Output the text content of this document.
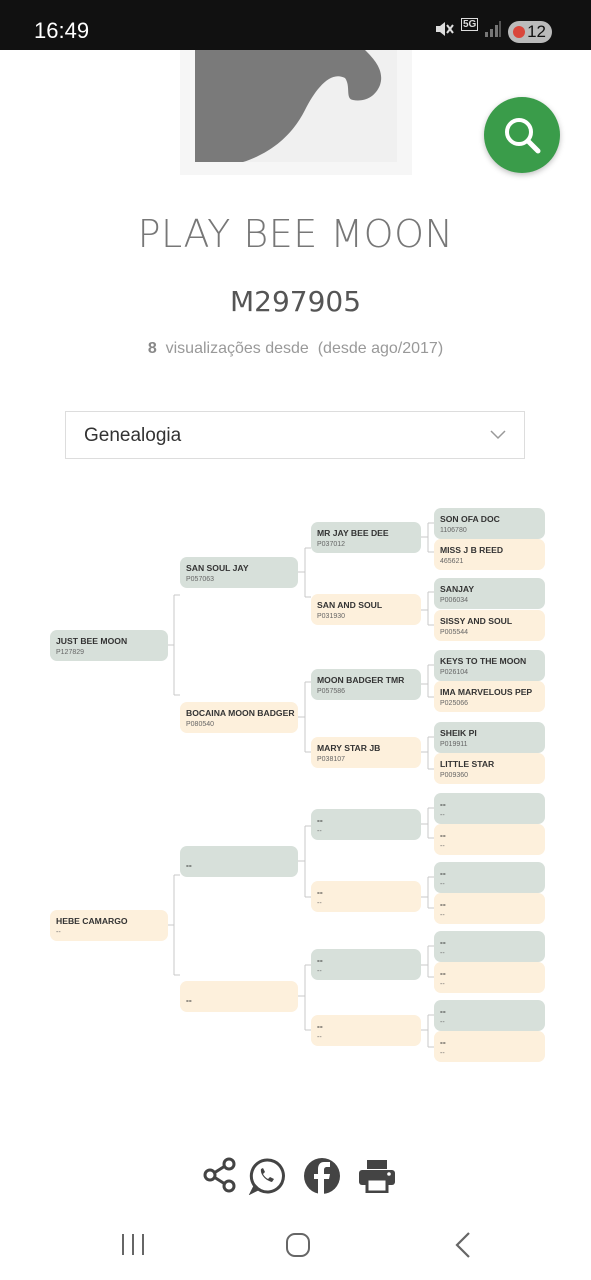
16:49	5G	12
PLAY BEE MOON
M297905
8 visualizações desde (desde ago/2017)
Genealogia
JUST BEE MOON
P127829
HEBE CAMARGO
--
SAN SOUL JAY
P057063
BOCAINA MOON BADGER
P080540
--
--
MR JAY BEE DEE
P037012
SAN AND SOUL
P031930
MOON BADGER TMR
P057586
MARY STAR JB
P038107
--
--
--
--
--
--
--
--
SON OFA DOC
1106780
MISS J B REED
465621
SANJAY
P006034
SISSY AND SOUL
P005544
KEYS TO THE MOON
P026104
IMA MARVELOUS PEP
P025066
SHEIK PI
P019911
LITTLE STAR
P009360
--
--
--
--
--
--
--
--
--
--
--
--
--
--
--
--
